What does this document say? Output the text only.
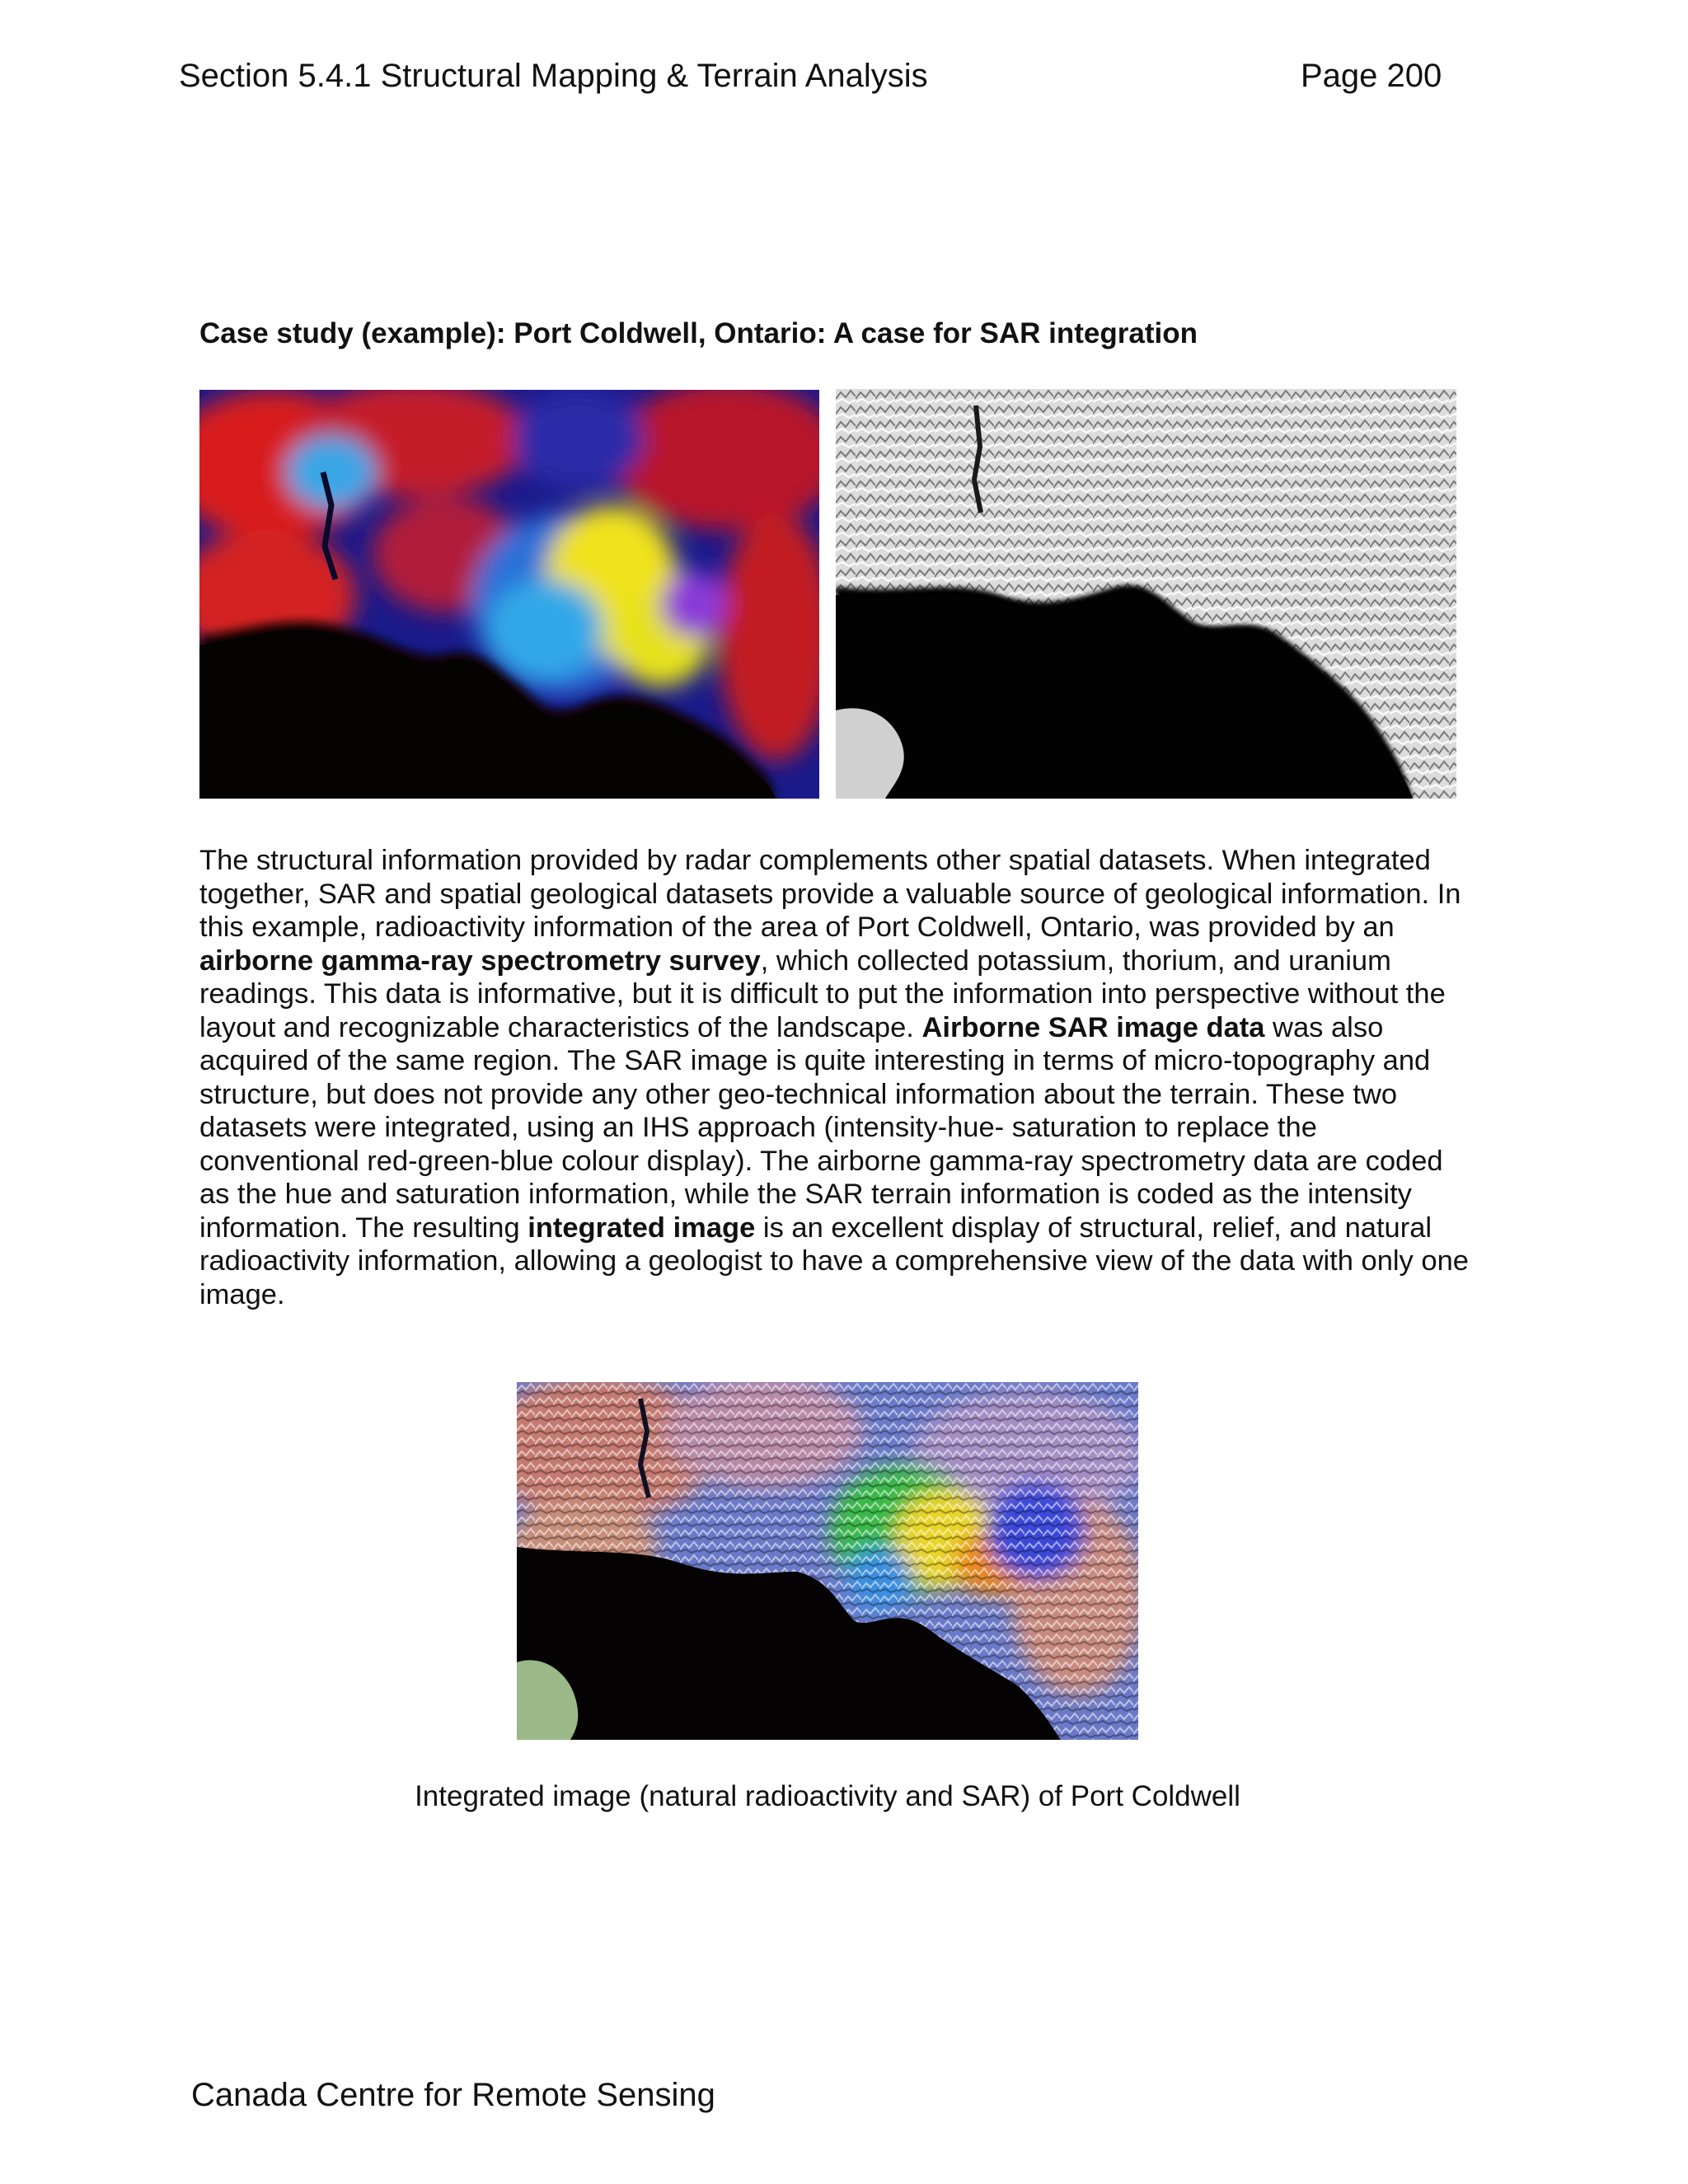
Section 5.4.1 Structural Mapping & Terrain Analysis	Page 200
Case study (example): Port Coldwell, Ontario: A case for SAR integration
The structural information provided by radar complements other spatial datasets. When integrated together, SAR and spatial geological datasets provide a valuable source of geological information. In this example, radioactivity information of the area of Port Coldwell, Ontario, was provided by an airborne gamma-ray spectrometry survey, which collected potassium, thorium, and uranium readings. This data is informative, but it is difficult to put the information into perspective without the layout and recognizable characteristics of the landscape. Airborne SAR image data was also acquired of the same region. The SAR image is quite interesting in terms of micro-topography and structure, but does not provide any other geo-technical information about the terrain. These two datasets were integrated, using an IHS approach (intensity-hue- saturation to replace the conventional red-green-blue colour display). The airborne gamma-ray spectrometry data are coded as the hue and saturation information, while the SAR terrain information is coded as the intensity information. The resulting integrated image is an excellent display of structural, relief, and natural radioactivity information, allowing a geologist to have a comprehensive view of the data with only one image.
Integrated image (natural radioactivity and SAR) of Port Coldwell
Canada Centre for Remote Sensing
